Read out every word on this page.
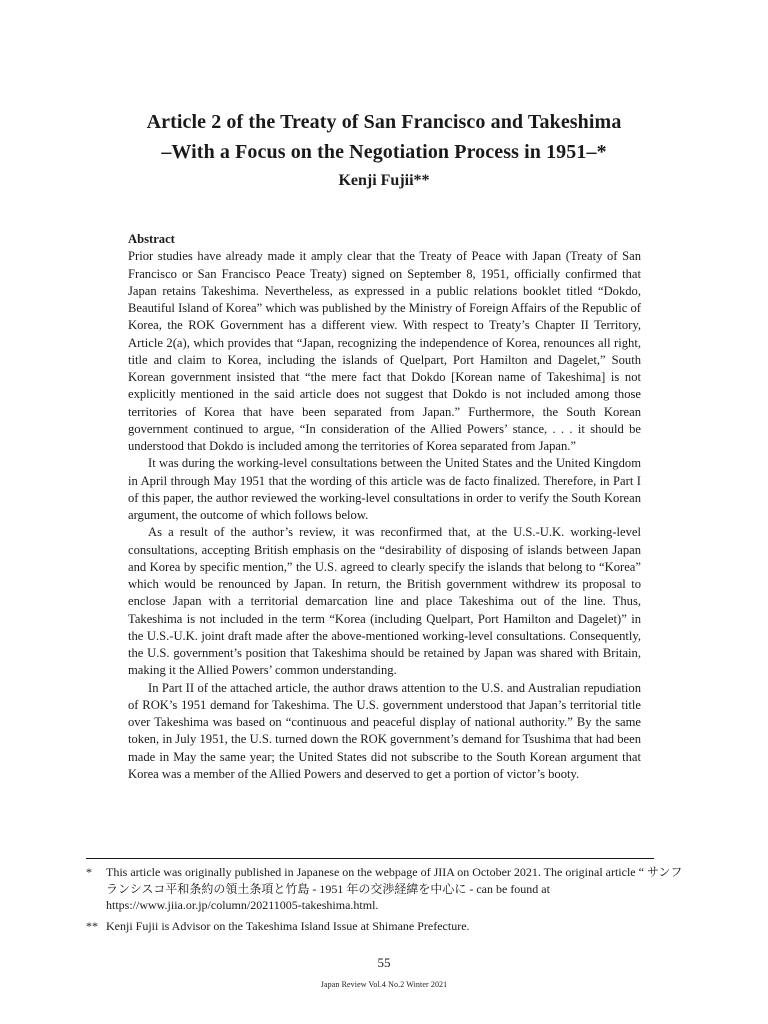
Article 2 of the Treaty of San Francisco and Takeshima

–With a Focus on the Negotiation Process in 1951–*

Kenji Fujii**

Abstract

Prior studies have already made it amply clear that the Treaty of Peace with Japan (Treaty of San Francisco or San Francisco Peace Treaty) signed on September 8, 1951, officially confirmed that Japan retains Takeshima. Nevertheless, as expressed in a public relations booklet titled “Dokdo, Beautiful Island of Korea” which was published by the Ministry of Foreign Affairs of the Republic of Korea, the ROK Government has a different view. With respect to Treaty’s Chapter II Territory, Article 2(a), which provides that “Japan, recognizing the independence of Korea, renounces all right, title and claim to Korea, including the islands of Quelpart, Port Hamilton and Dagelet,” South Korean government insisted that “the mere fact that Dokdo [Korean name of Takeshima] is not explicitly mentioned in the said article does not suggest that Dokdo is not included among those territories of Korea that have been separated from Japan.” Furthermore, the South Korean government continued to argue, “In consideration of the Allied Powers’ stance, . . . it should be understood that Dokdo is included among the territories of Korea separated from Japan.”

It was during the working-level consultations between the United States and the United Kingdom in April through May 1951 that the wording of this article was de facto finalized. Therefore, in Part I of this paper, the author reviewed the working-level consultations in order to verify the South Korean argument, the outcome of which follows below.

As a result of the author’s review, it was reconfirmed that, at the U.S.-U.K. working-level consultations, accepting British emphasis on the “desirability of disposing of islands between Japan and Korea by specific mention,” the U.S. agreed to clearly specify the islands that belong to “Korea” which would be renounced by Japan. In return, the British government withdrew its proposal to enclose Japan with a territorial demarcation line and place Takeshima out of the line. Thus, Takeshima is not included in the term “Korea (including Quelpart, Port Hamilton and Dagelet)” in the U.S.-U.K. joint draft made after the above-mentioned working-level consultations. Consequently, the U.S. government’s position that Takeshima should be retained by Japan was shared with Britain, making it the Allied Powers’ common understanding.

In Part II of the attached article, the author draws attention to the U.S. and Australian repudiation of ROK’s 1951 demand for Takeshima. The U.S. government understood that Japan’s territorial title over Takeshima was based on “continuous and peaceful display of national authority.” By the same token, in July 1951, the U.S. turned down the ROK government’s demand for Tsushima that had been made in May the same year; the United States did not subscribe to the South Korean argument that Korea was a member of the Allied Powers and deserved to get a portion of victor’s booty.

*	This article was originally published in Japanese on the webpage of JIIA on October 2021. The original article “ サンフランシスコ平和条約の領土条項と竹島 - 1951 年の交渉経緯を中心に - can be found at https://www.jiia.or.jp/column/20211005-takeshima.html.
** Kenji Fujii is Advisor on the Takeshima Island Issue at Shimane Prefecture.
55
Japan Review Vol.4 No.2 Winter 2021
